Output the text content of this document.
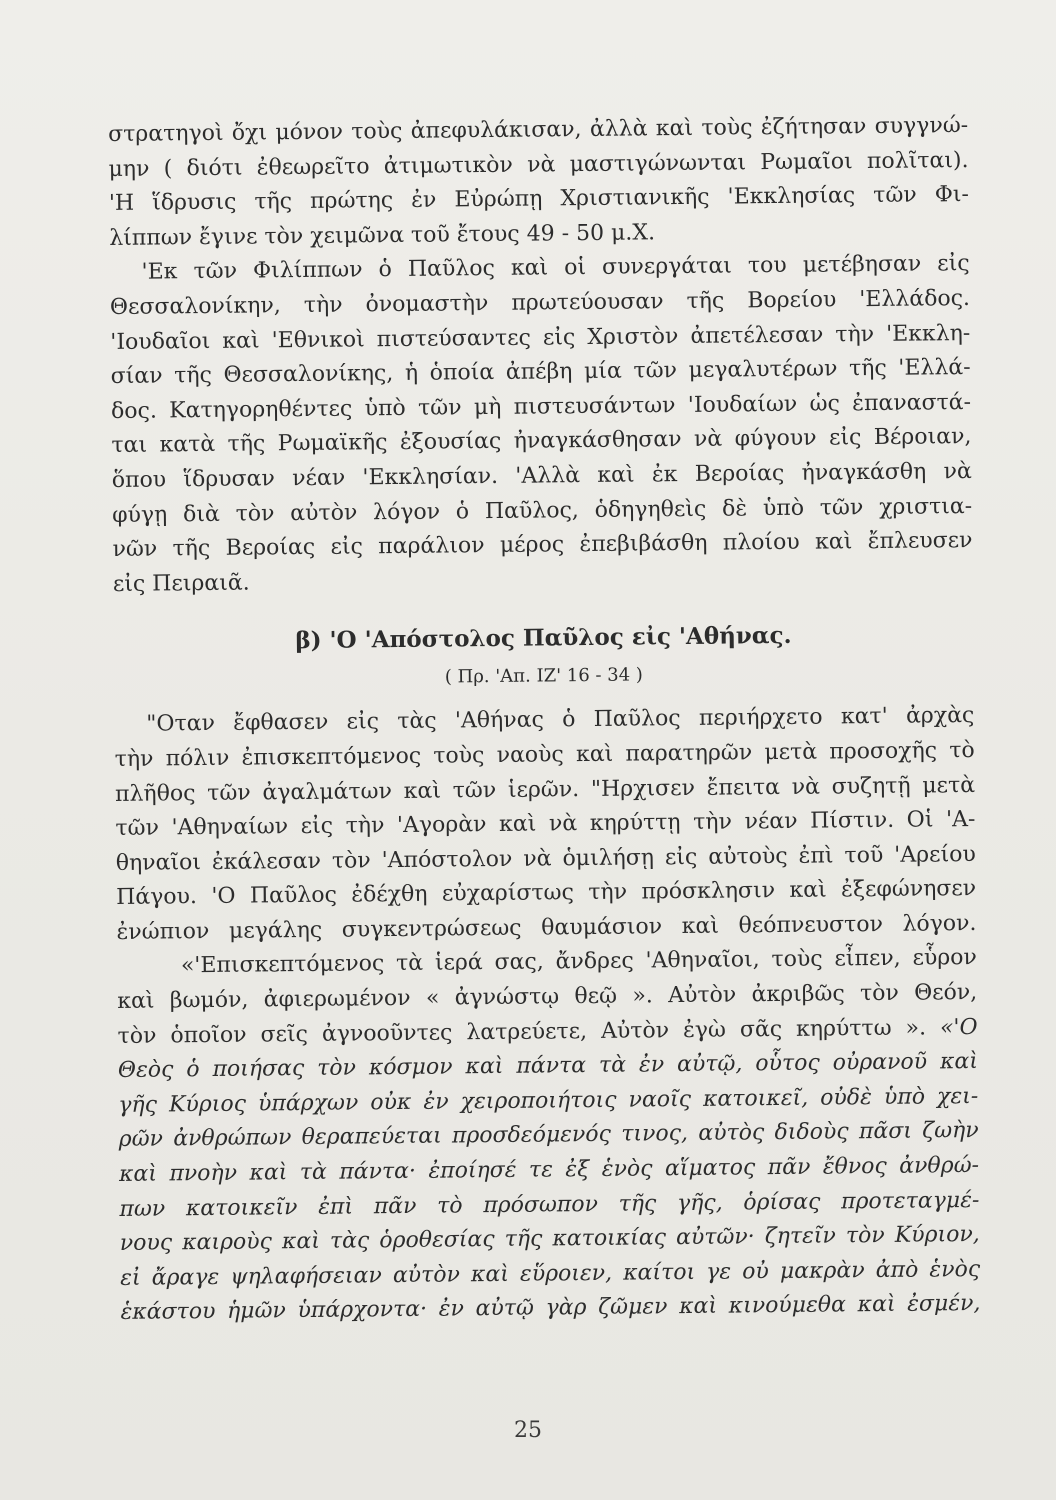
στρατηγοὶ ὄχι μόνον τοὺς ἀπεφυλάκισαν, ἀλλὰ καὶ τοὺς ἐζήτησαν συγγνώ-
μην ( διότι ἐθεωρεῖτο ἀτιμωτικὸν νὰ μαστιγώνωνται Ρωμαῖοι πολῖται).
'Η ἵδρυσις τῆς πρώτης ἐν Εὐρώπῃ Χριστιανικῆς 'Εκκλησίας τῶν Φι-
λίππων ἔγινε τὸν χειμῶνα τοῦ ἔτους 49 - 50 μ.Χ.
'Εκ τῶν Φιλίππων ὁ Παῦλος καὶ οἱ συνεργάται του μετέβησαν εἰς
Θεσσαλονίκην, τὴν ὀνομαστὴν πρωτεύουσαν τῆς Βορείου 'Ελλάδος.
'Ιουδαῖοι καὶ 'Εθνικοὶ πιστεύσαντες εἰς Χριστὸν ἀπετέλεσαν τὴν 'Εκκλη-
σίαν τῆς Θεσσαλονίκης, ἡ ὁποία ἀπέβη μία τῶν μεγαλυτέρων τῆς 'Ελλά-
δος. Κατηγορηθέντες ὑπὸ τῶν μὴ πιστευσάντων 'Ιουδαίων ὡς ἐπαναστά-
ται κατὰ τῆς Ρωμαϊκῆς ἐξουσίας ἠναγκάσθησαν νὰ φύγουν εἰς Βέροιαν,
ὅπου ἵδρυσαν νέαν 'Εκκλησίαν. 'Αλλὰ καὶ ἐκ Βεροίας ἠναγκάσθη νὰ
φύγῃ διὰ τὸν αὐτὸν λόγον ὁ Παῦλος, ὁδηγηθεὶς δὲ ὑπὸ τῶν χριστια-
νῶν τῆς Βεροίας εἰς παράλιον μέρος ἐπεβιβάσθη πλοίου καὶ ἔπλευσεν
εἰς Πειραιᾶ.
β) 'Ο 'Απόστολος Παῦλος εἰς 'Αθήνας.
( Πρ. 'Απ. ΙΖ' 16 - 34 )
"Οταν ἔφθασεν εἰς τὰς 'Αθήνας ὁ Παῦλος περιήρχετο κατ' ἀρχὰς
τὴν πόλιν ἐπισκεπτόμενος τοὺς ναοὺς καὶ παρατηρῶν μετὰ προσοχῆς τὸ
πλῆθος τῶν ἀγαλμάτων καὶ τῶν ἱερῶν. "Ηρχισεν ἔπειτα νὰ συζητῇ μετὰ
τῶν 'Αθηναίων εἰς τὴν 'Αγορὰν καὶ νὰ κηρύττῃ τὴν νέαν Πίστιν. Οἱ 'Α-
θηναῖοι ἐκάλεσαν τὸν 'Απόστολον νὰ ὁμιλήσῃ εἰς αὐτοὺς ἐπὶ τοῦ 'Αρείου
Πάγου. 'Ο Παῦλος ἐδέχθη εὐχαρίστως τὴν πρόσκλησιν καὶ ἐξεφώνησεν
ἐνώπιον μεγάλης συγκεντρώσεως θαυμάσιον καὶ θεόπνευστον λόγον.
«'Επισκεπτόμενος τὰ ἱερά σας, ἄνδρες 'Αθηναῖοι, τοὺς εἶπεν, εὗρον
καὶ βωμόν, ἀφιερωμένον « ἀγνώστῳ θεῷ ». Αὐτὸν ἀκριβῶς τὸν Θεόν,
τὸν ὁποῖον σεῖς ἀγνοοῦντες λατρεύετε, Αὐτὸν ἐγὼ σᾶς κηρύττω ». «'Ο
Θεὸς ὁ ποιήσας τὸν κόσμον καὶ πάντα τὰ ἐν αὐτῷ, οὗτος οὐρανοῦ καὶ
γῆς Κύριος ὑπάρχων οὐκ ἐν χειροποιήτοις ναοῖς κατοικεῖ, οὐδὲ ὑπὸ χει-
ρῶν ἀνθρώπων θεραπεύεται προσδεόμενός τινος, αὐτὸς διδοὺς πᾶσι ζωὴν
καὶ πνοὴν καὶ τὰ πάντα· ἐποίησέ τε ἐξ ἑνὸς αἵματος πᾶν ἔθνος ἀνθρώ-
πων κατοικεῖν ἐπὶ πᾶν τὸ πρόσωπον τῆς γῆς, ὁρίσας προτεταγμέ-
νους καιροὺς καὶ τὰς ὁροθεσίας τῆς κατοικίας αὐτῶν· ζητεῖν τὸν Κύριον,
εἰ ἄραγε ψηλαφήσειαν αὐτὸν καὶ εὕροιεν, καίτοι γε οὐ μακρὰν ἀπὸ ἑνὸς
ἑκάστου ἡμῶν ὑπάρχοντα· ἐν αὐτῷ γὰρ ζῶμεν καὶ κινούμεθα καὶ ἐσμέν,
25
